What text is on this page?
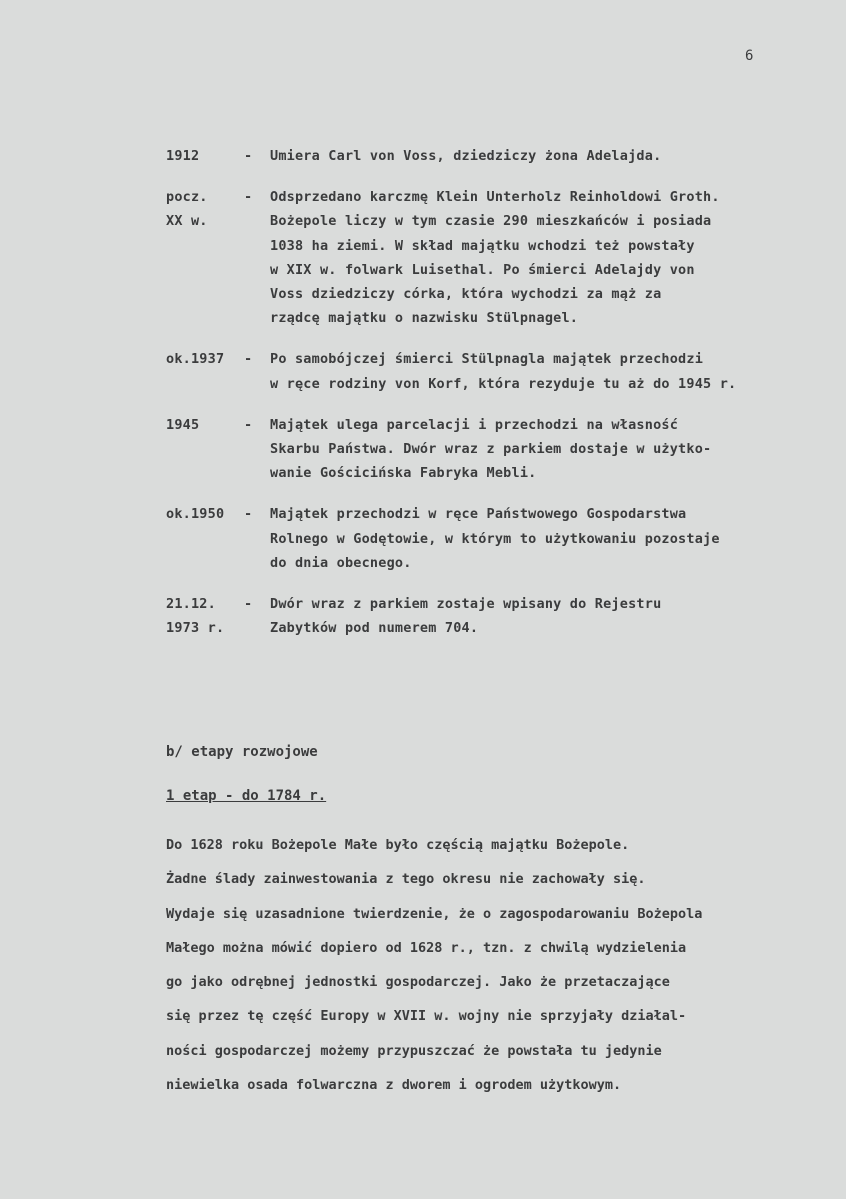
6
1912	-	Umiera Carl von Voss, dziedziczy żona Adelajda.
pocz.
XX w.
-	Odsprzedano karczmę Klein Unterholz Reinholdowi Groth.
Bożepole liczy w tym czasie 290 mieszkańców i posiada
1038 ha ziemi. W skład majątku wchodzi też powstały
w XIX w. folwark Luisethal. Po śmierci Adelajdy von
Voss dziedziczy córka, która wychodzi za mąż za
rządcę majątku o nazwisku Stülpnagel.
ok.1937	-	Po samobójczej śmierci Stülpnagla majątek przechodzi
w ręce rodziny von Korf, która rezyduje tu aż do 1945 r.
1945	-	Majątek ulega parcelacji i przechodzi na własność
Skarbu Państwa. Dwór wraz z parkiem dostaje w użytko-
wanie Gościcińska Fabryka Mebli.
ok.1950	-	Majątek przechodzi w ręce Państwowego Gospodarstwa
Rolnego w Godętowie, w którym to użytkowaniu pozostaje
do dnia obecnego.
21.12.
1973 r.
-	Dwór wraz z parkiem zostaje wpisany do Rejestru
Zabytków pod numerem 704.
b/ etapy rozwojowe
1 etap - do 1784 r.
Do 1628 roku Bożepole Małe było częścią majątku Bożepole.
Żadne ślady zainwestowania z tego okresu nie zachowały się.
Wydaje się uzasadnione twierdzenie, że o zagospodarowaniu Bożepola
Małego można mówić dopiero od 1628 r., tzn. z chwilą wydzielenia
go jako odrębnej jednostki gospodarczej. Jako że przetaczające
się przez tę część Europy w XVII w. wojny nie sprzyjały działal-
ności gospodarczej możemy przypuszczać że powstała tu jedynie
niewielka osada folwarczna z dworem i ogrodem użytkowym.
